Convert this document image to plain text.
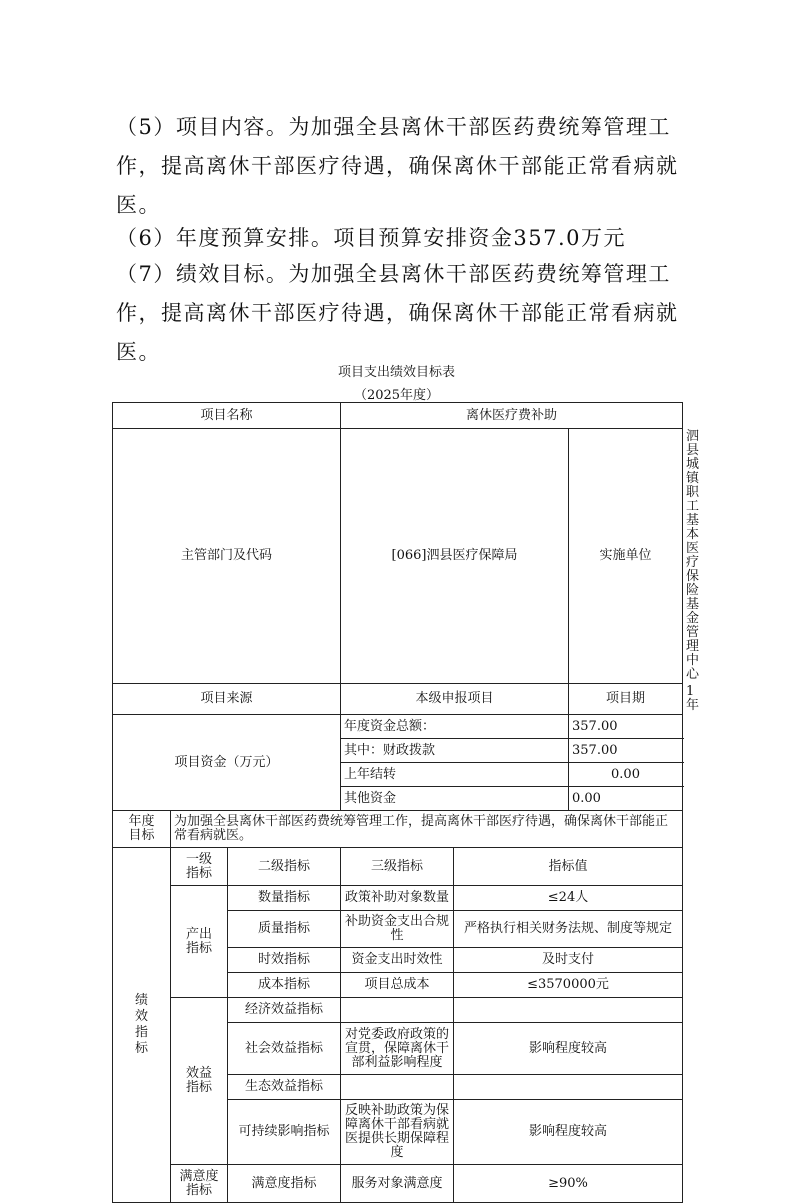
（5）项目内容。为加强全县离休干部医药费统筹管理工作，提高离休干部医疗待遇，确保离休干部能正常看病就医。

（6）年度预算安排。项目预算安排资金357.0万元

（7）绩效目标。为加强全县离休干部医药费统筹管理工作，提高离休干部医疗待遇，确保离休干部能正常看病就医。

项目支出绩效目标表
（2025年度）
项目名称			离休医疗费补助			
主管部门及代码			[066]泗县医疗保障局		实施单位	泗县城镇职工基本医疗保险基金管理中心
项目来源			本级申报项目		项目期	1年
项目资金（万元）			年度资金总额：		357.00	
			其中：财政拨款		357.00	
			上年结转		0.00	
			其他资金		0.00	
年度目标	为加强全县离休干部医药费统筹管理工作，提高离休干部医疗待遇，确保离休干部能正常看病就医。					
绩效指标	一级指标	二级指标	三级指标	指标值		
	产出指标	数量指标	政策补助对象数量	≤24人		
		质量指标	补助资金支出合规性	严格执行相关财务法规、制度等规定		
		时效指标	资金支出时效性	及时支付		
		成本指标	项目总成本	≤3570000元		
	效益指标	经济效益指标				
		社会效益指标	对党委政府政策的宣贯，保障离休干部利益影响程度	影响程度较高		
		生态效益指标				
		可持续影响指标	反映补助政策为保障离休干部看病就医提供长期保障程度	影响程度较高		
	满意度指标	满意度指标	服务对象满意度	≥90%		
